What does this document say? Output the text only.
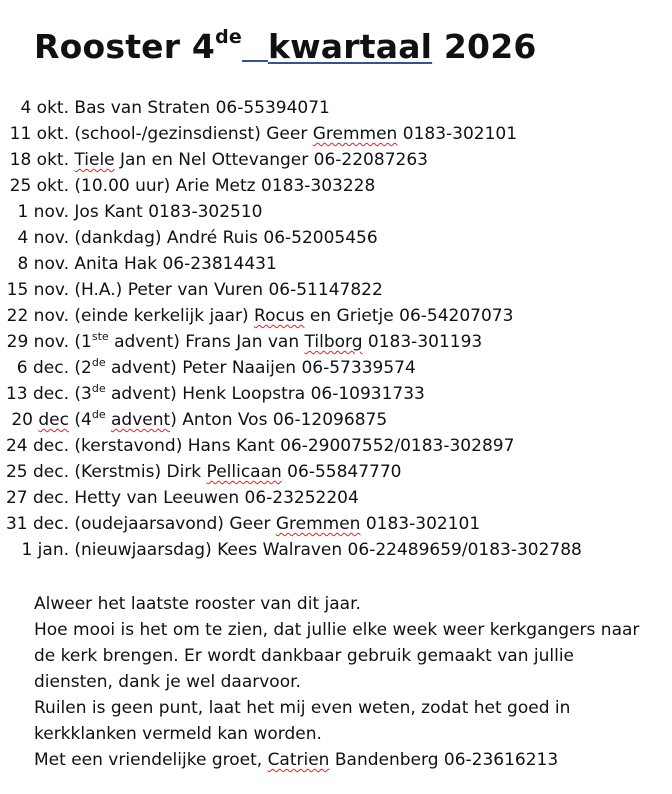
Rooster 4de kwartaal 2026
4 okt. Bas van Straten 06-55394071
11 okt. (school-/gezinsdienst) Geer Gremmen 0183-302101
18 okt. Tiele Jan en Nel Ottevanger 06-22087263
25 okt. (10.00 uur) Arie Metz 0183-303228
1 nov. Jos Kant 0183-302510
4 nov. (dankdag) André Ruis 06-52005456
8 nov. Anita Hak 06-23814431
15 nov. (H.A.) Peter van Vuren 06-51147822
22 nov. (einde kerkelijk jaar) Rocus en Grietje 06-54207073
29 nov. (1ste advent) Frans Jan van Tilborg 0183-301193
6 dec. (2de advent) Peter Naaijen 06-57339574
13 dec. (3de advent) Henk Loopstra 06-10931733
20 dec (4de advent) Anton Vos 06-12096875
24 dec. (kerstavond) Hans Kant 06-29007552/0183-302897
25 dec. (Kerstmis) Dirk Pellicaan 06-55847770
27 dec. Hetty van Leeuwen 06-23252204
31 dec. (oudejaarsavond) Geer Gremmen 0183-302101
1 jan. (nieuwjaarsdag) Kees Walraven 06-22489659/0183-302788

Alweer het laatste rooster van dit jaar.

Hoe mooi is het om te zien, dat jullie elke week weer kerkgangers naar de kerk brengen. Er wordt dankbaar gebruik gemaakt van jullie diensten, dank je wel daarvoor.

Ruilen is geen punt, laat het mij even weten, zodat het goed in kerkklanken vermeld kan worden.

Met een vriendelijke groet, Catrien Bandenberg 06-23616213
